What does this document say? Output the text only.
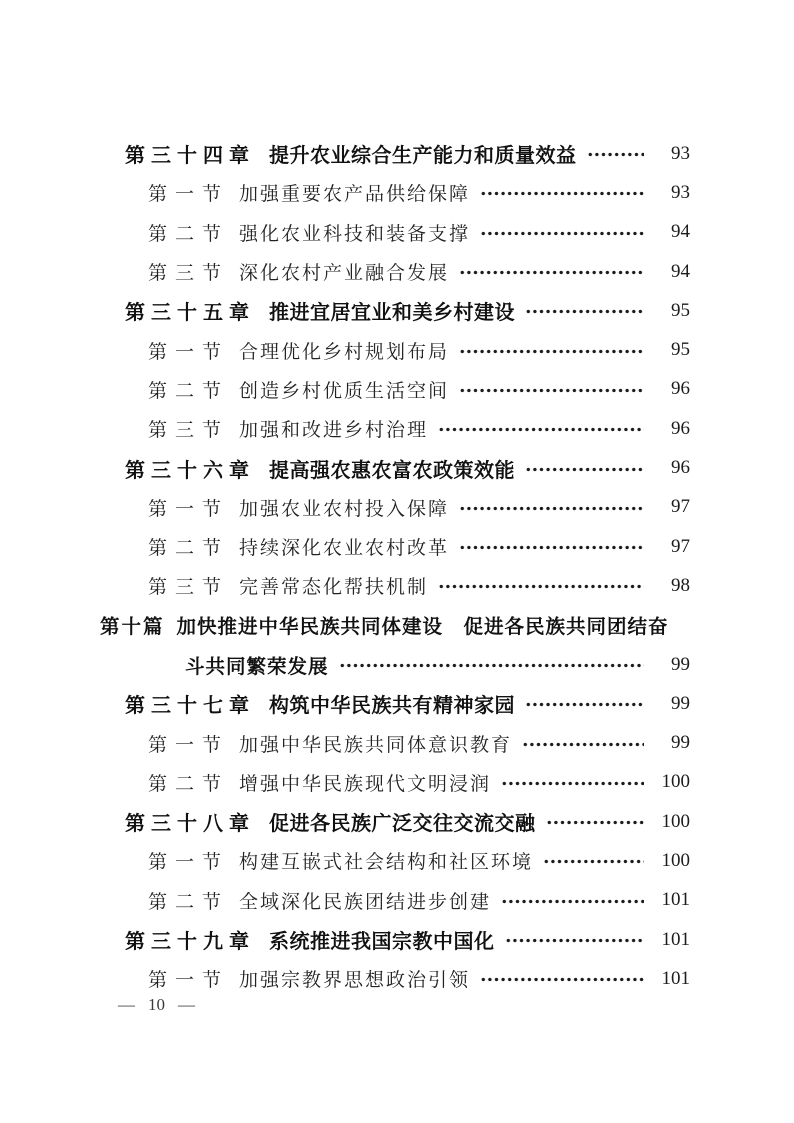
第三十四章 提升农业综合生产能力和质量效益	93
第一节 加强重要农产品供给保障	93
第二节 强化农业科技和装备支撑	94
第三节 深化农村产业融合发展	94
第三十五章 推进宜居宜业和美乡村建设	95
第一节 合理优化乡村规划布局	95
第二节 创造乡村优质生活空间	96
第三节 加强和改进乡村治理	96
第三十六章 提高强农惠农富农政策效能	96
第一节 加强农业农村投入保障	97
第二节 持续深化农业农村改革	97
第三节 完善常态化帮扶机制	98
第十篇 加快推进中华民族共同体建设　促进各民族共同团结奋
斗共同繁荣发展	99
第三十七章 构筑中华民族共有精神家园	99
第一节 加强中华民族共同体意识教育	99
第二节 增强中华民族现代文明浸润	100
第三十八章 促进各民族广泛交往交流交融	100
第一节 构建互嵌式社会结构和社区环境	100
第二节 全域深化民族团结进步创建	101
第三十九章 系统推进我国宗教中国化	101
第一节 加强宗教界思想政治引领	101
— 10 —
